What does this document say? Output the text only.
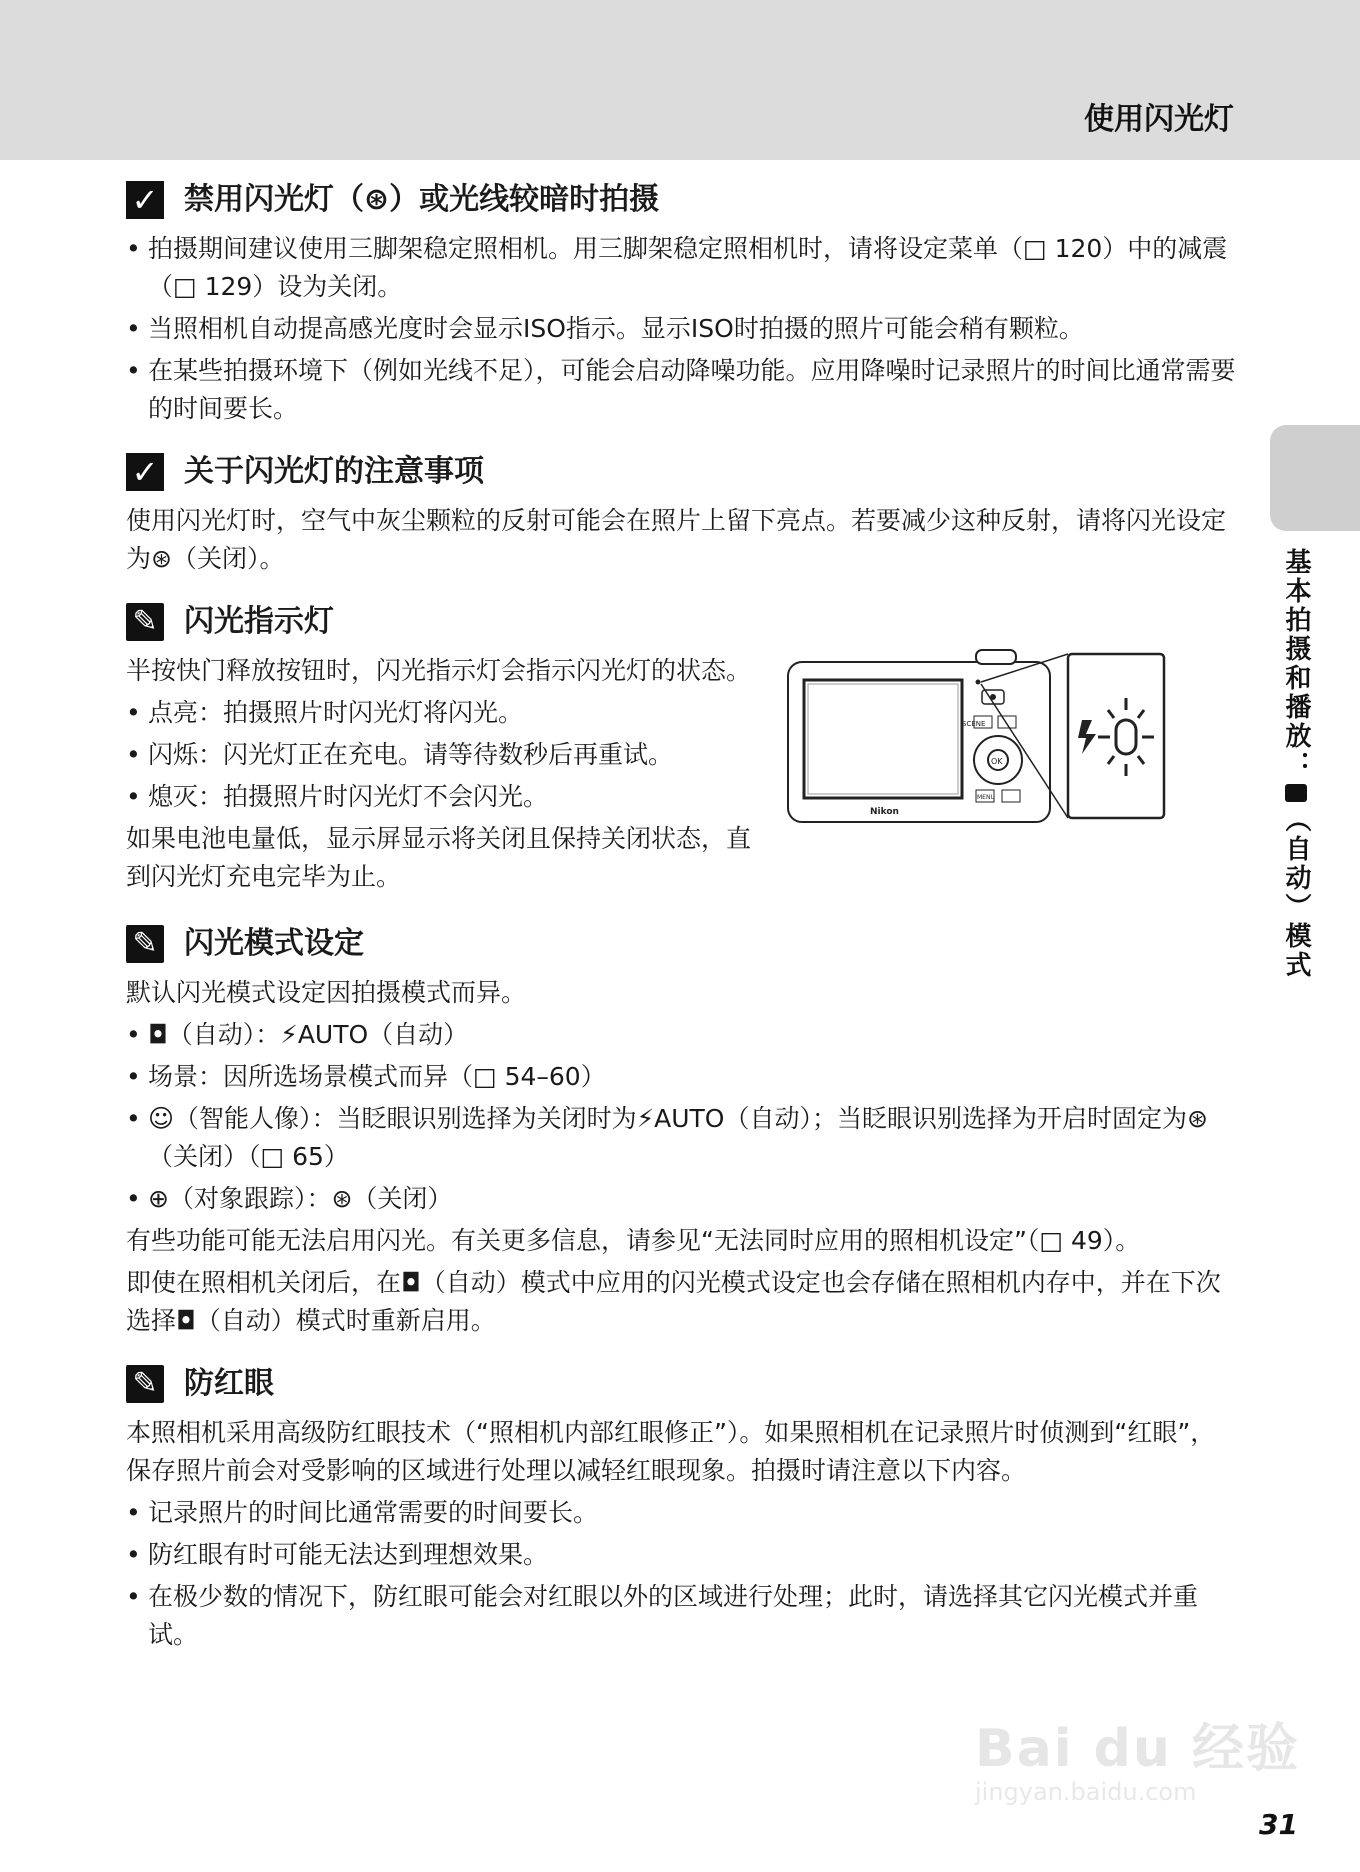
使用闪光灯
基本拍摄和播放：（自动）模式
✓ 禁用闪光灯（⊛）或光线较暗时拍摄
• 拍摄期间建议使用三脚架稳定照相机。用三脚架稳定照相机时，请将设定菜单（□ 120）中的减震（□ 129）设为关闭。
• 当照相机自动提高感光度时会显示ISO指示。显示ISO时拍摄的照片可能会稍有颗粒。
• 在某些拍摄环境下（例如光线不足），可能会启动降噪功能。应用降噪时记录照片的时间比通常需要的时间要长。
✓ 关于闪光灯的注意事项

使用闪光灯时，空气中灰尘颗粒的反射可能会在照片上留下亮点。若要减少这种反射，请将闪光设定为⊛（关闭）。

✎ 闪光指示灯

半按快门释放按钮时，闪光指示灯会指示闪光灯的状态。

• 点亮：拍摄照片时闪光灯将闪光。
• 闪烁：闪光灯正在充电。请等待数秒后再重试。
• 熄灭：拍摄照片时闪光灯不会闪光。

如果电池电量低，显示屏显示将关闭且保持关闭状态，直到闪光灯充电完毕为止。

SCENE
OK
MENU
Nikon
✎ 闪光模式设定

默认闪光模式设定因拍摄模式而异。

• ◘（自动）：⚡AUTO（自动）
• 场景：因所选场景模式而异（□ 54–60）
• ☺（智能人像）：当眨眼识别选择为关闭时为⚡AUTO（自动）；当眨眼识别选择为开启时固定为⊛（关闭）（□ 65）
• ⊕（对象跟踪）：⊛（关闭）

有些功能可能无法启用闪光。有关更多信息，请参见“无法同时应用的照相机设定”（□ 49）。

即使在照相机关闭后，在◘（自动）模式中应用的闪光模式设定也会存储在照相机内存中，并在下次选择◘（自动）模式时重新启用。

✎ 防红眼

本照相机采用高级防红眼技术（“照相机内部红眼修正”）。如果照相机在记录照片时侦测到“红眼”，保存照片前会对受影响的区域进行处理以减轻红眼现象。拍摄时请注意以下内容。

• 记录照片的时间比通常需要的时间要长。
• 防红眼有时可能无法达到理想效果。
• 在极少数的情况下，防红眼可能会对红眼以外的区域进行处理；此时，请选择其它闪光模式并重试。
Bai du 经验
jingyan.baidu.com
31
